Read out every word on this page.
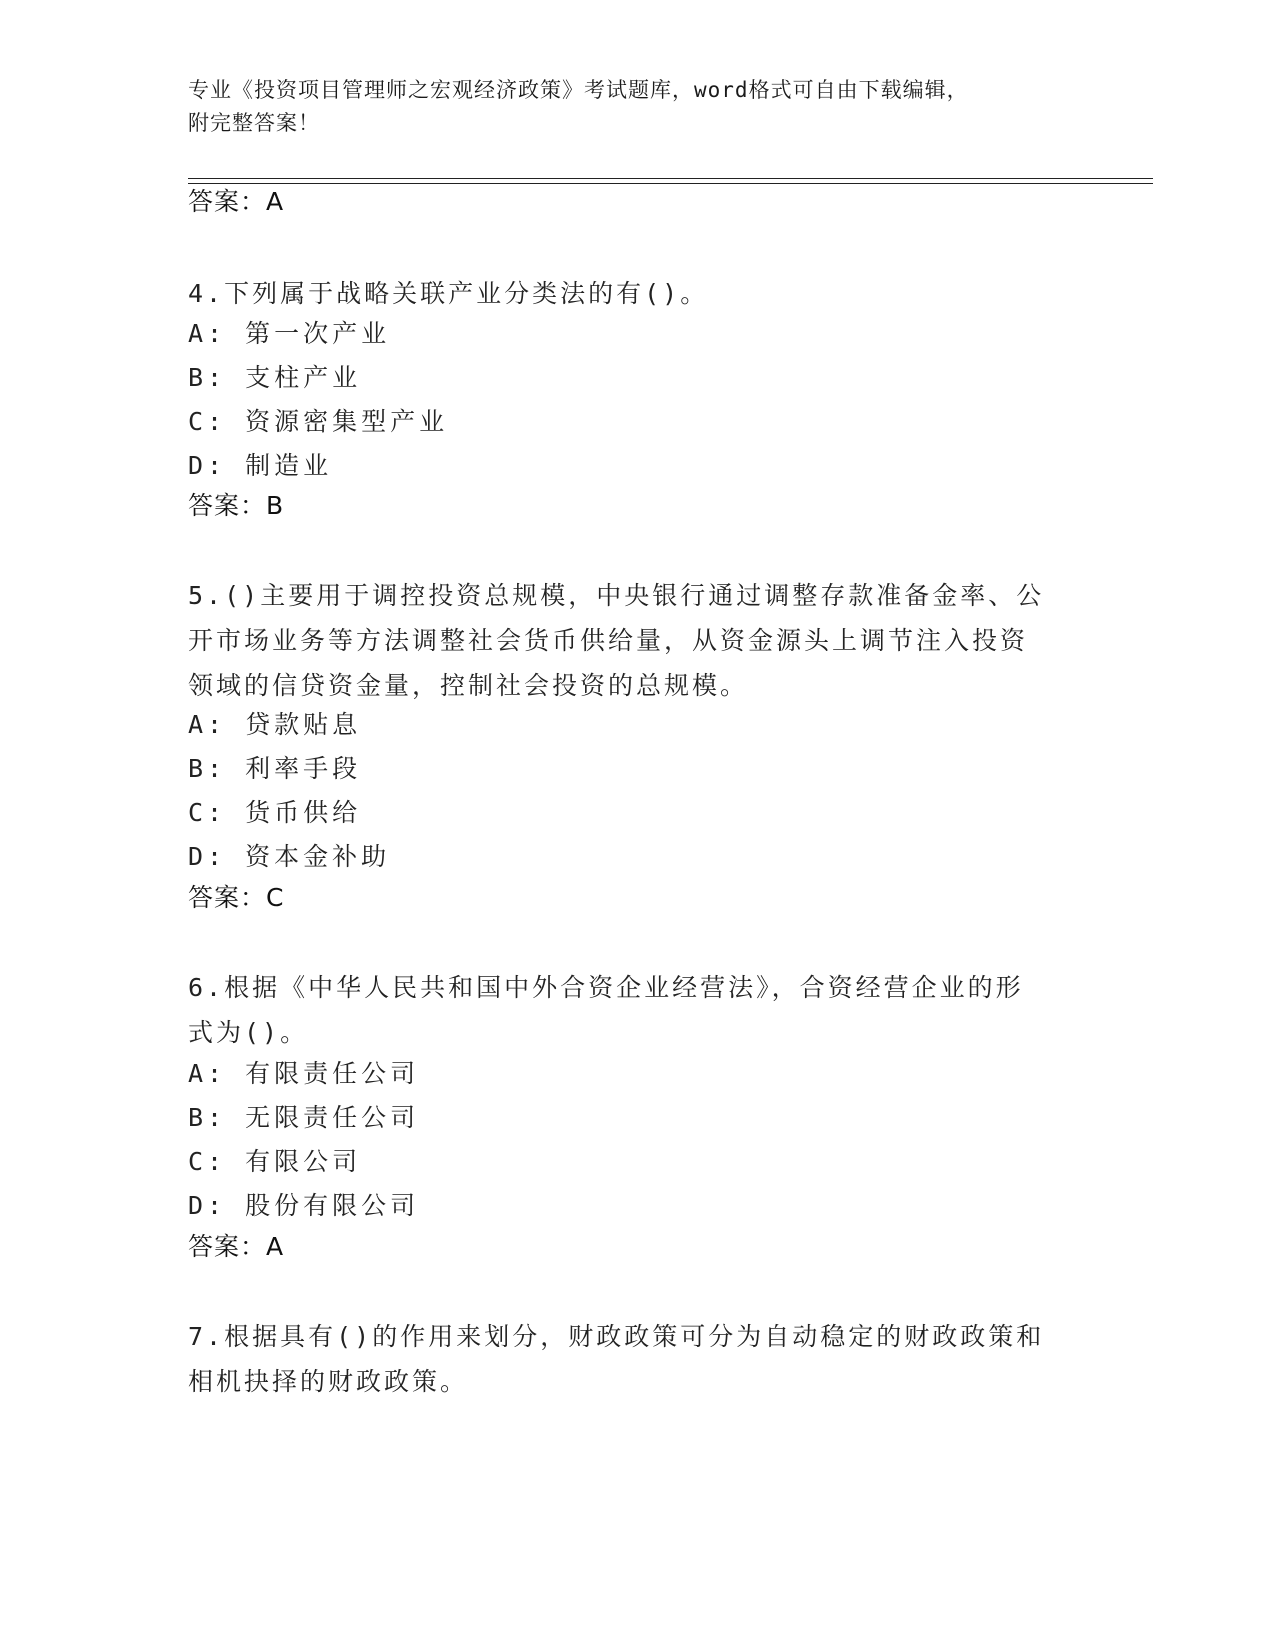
专业《投资项目管理师之宏观经济政策》考试题库，word格式可自由下载编辑，
附完整答案！
答案：A
4.下列属于战略关联产业分类法的有()。
A: 第一次产业
B: 支柱产业
C: 资源密集型产业
D: 制造业
答案：B
5.()主要用于调控投资总规模，中央银行通过调整存款准备金率、公
开市场业务等方法调整社会货币供给量，从资金源头上调节注入投资
领域的信贷资金量，控制社会投资的总规模。
A: 贷款贴息
B: 利率手段
C: 货币供给
D: 资本金补助
答案：C
6.根据《中华人民共和国中外合资企业经营法》，合资经营企业的形
式为()。
A: 有限责任公司
B: 无限责任公司
C: 有限公司
D: 股份有限公司
答案：A
7.根据具有()的作用来划分，财政政策可分为自动稳定的财政政策和
相机抉择的财政政策。
